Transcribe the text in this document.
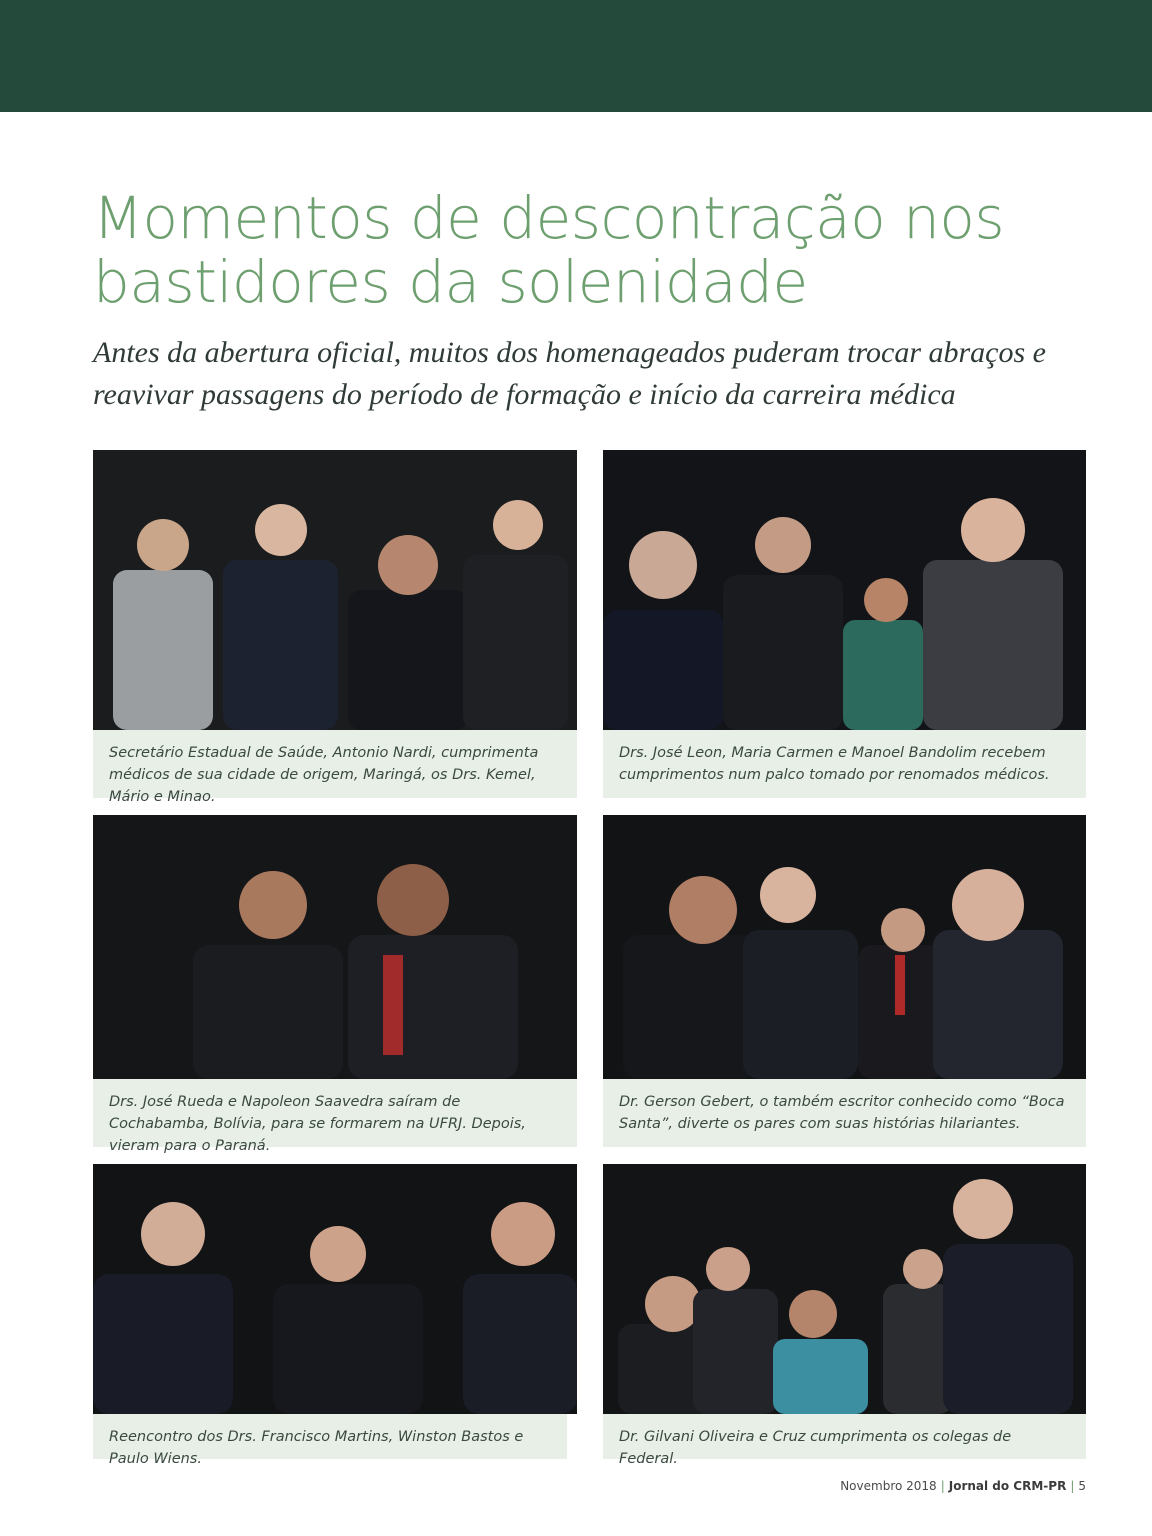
Momentos de descontração nos bastidores da solenidade

Antes da abertura oficial, muitos dos homenageados puderam trocar abraços e reavivar passagens do período de formação e início da carreira médica

Secretário Estadual de Saúde, Antonio Nardi, cumprimenta médicos de sua cidade de origem, Maringá, os Drs. Kemel, Mário e Minao.
Drs. José Leon, Maria Carmen e Manoel Bandolim recebem cumprimentos num palco tomado por renomados médicos.
Drs. José Rueda e Napoleon Saavedra saíram de Cochabamba, Bolívia, para se formarem na UFRJ. Depois, vieram para o Paraná.
Dr. Gerson Gebert, o também escritor conhecido como “Boca Santa”, diverte os pares com suas histórias hilariantes.
Reencontro dos Drs. Francisco Martins, Winston Bastos e Paulo Wiens.
Dr. Gilvani Oliveira e Cruz cumprimenta os colegas de Federal.
Novembro 2018 | Jornal do CRM-PR | 5
